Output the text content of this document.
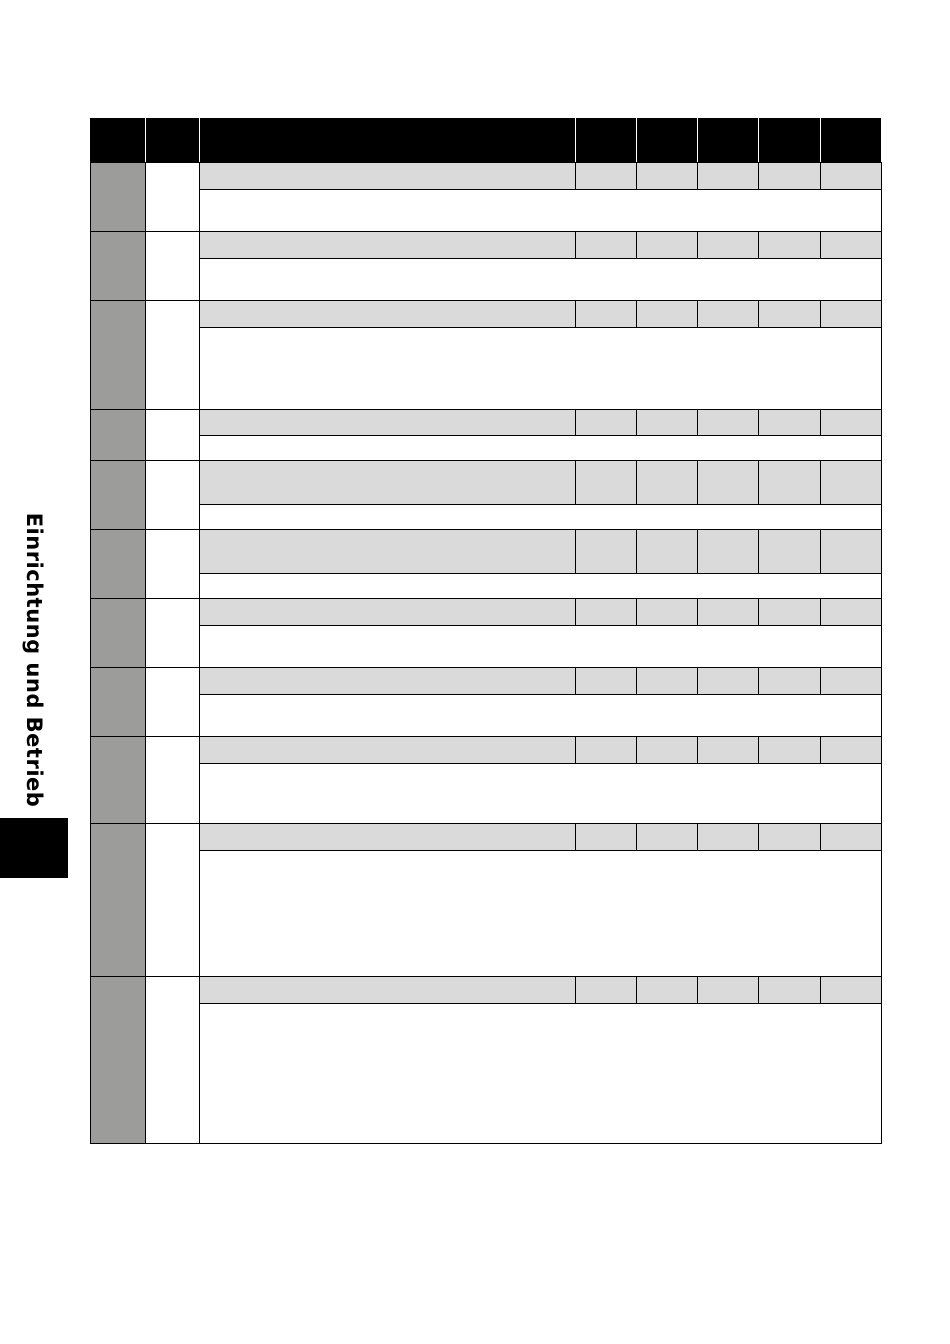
Einrichtung und Betrieb
